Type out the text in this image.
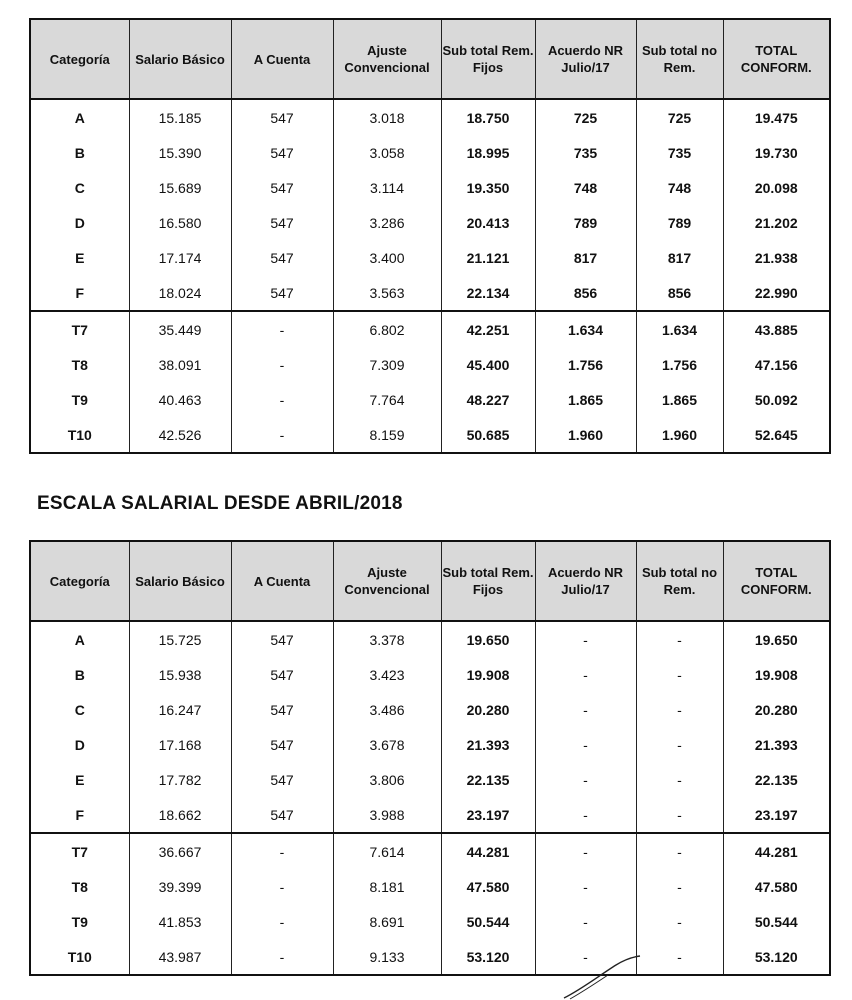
Categoría	Salario Básico	A Cuenta	Ajuste Convencional	Sub total Rem. Fijos	Acuerdo NR Julio/17	Sub total no Rem.	TOTAL CONFORM.
A	15.185	547	3.018	18.750	725	725	19.475
B	15.390	547	3.058	18.995	735	735	19.730
C	15.689	547	3.114	19.350	748	748	20.098
D	16.580	547	3.286	20.413	789	789	21.202
E	17.174	547	3.400	21.121	817	817	21.938
F	18.024	547	3.563	22.134	856	856	22.990
T7	35.449	-	6.802	42.251	1.634	1.634	43.885
T8	38.091	-	7.309	45.400	1.756	1.756	47.156
T9	40.463	-	7.764	48.227	1.865	1.865	50.092
T10	42.526	-	8.159	50.685	1.960	1.960	52.645
ESCALA SALARIAL DESDE ABRIL/2018
Categoría	Salario Básico	A Cuenta	Ajuste Convencional	Sub total Rem. Fijos	Acuerdo NR Julio/17	Sub total no Rem.	TOTAL CONFORM.
A	15.725	547	3.378	19.650	-	-	19.650
B	15.938	547	3.423	19.908	-	-	19.908
C	16.247	547	3.486	20.280	-	-	20.280
D	17.168	547	3.678	21.393	-	-	21.393
E	17.782	547	3.806	22.135	-	-	22.135
F	18.662	547	3.988	23.197	-	-	23.197
T7	36.667	-	7.614	44.281	-	-	44.281
T8	39.399	-	8.181	47.580	-	-	47.580
T9	41.853	-	8.691	50.544	-	-	50.544
T10	43.987	-	9.133	53.120	-	-	53.120
